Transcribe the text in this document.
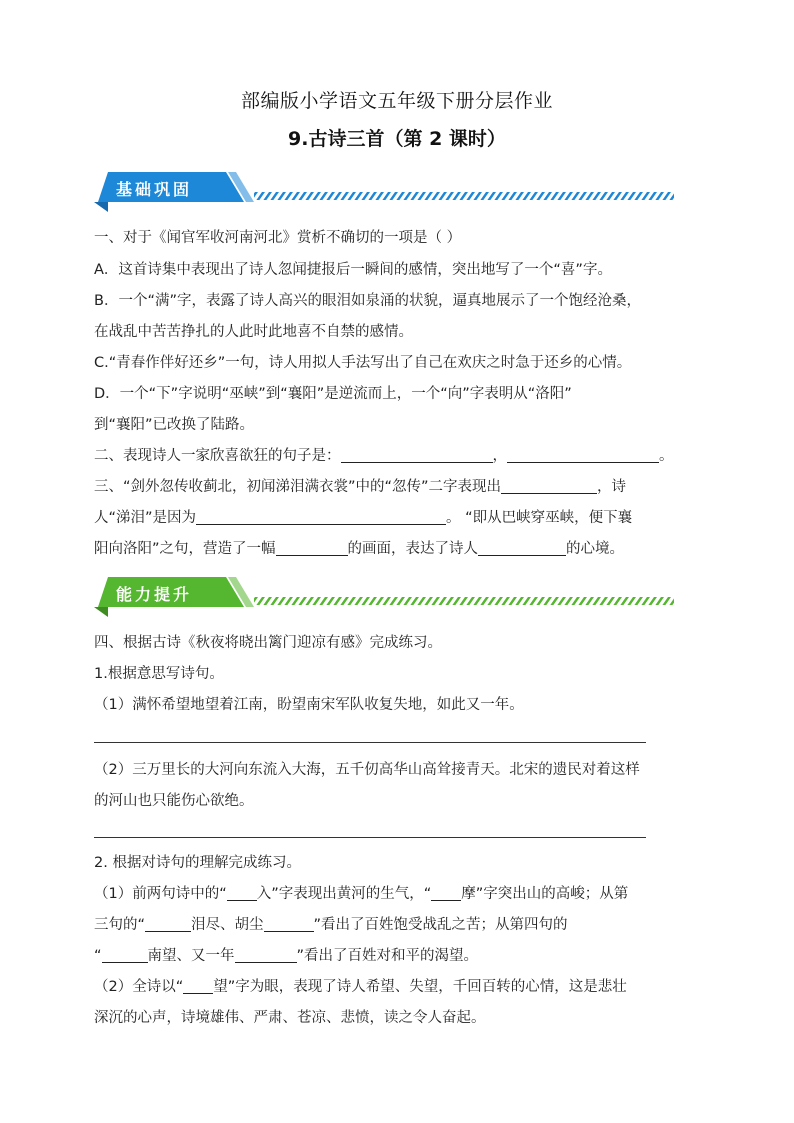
部编版小学语文五年级下册分层作业
9.古诗三首（第 2 课时）
基础巩固
一、对于《闻官军收河南河北》赏析不确切的一项是（ ）
A．这首诗集中表现出了诗人忽闻捷报后一瞬间的感情，突出地写了一个“喜”字。
B．一个“满”字，表露了诗人高兴的眼泪如泉涌的状貌，逼真地展示了一个饱经沧桑，
在战乱中苦苦挣扎的人此时此地喜不自禁的感情。
C.“青春作伴好还乡”一句，诗人用拟人手法写出了自己在欢庆之时急于还乡的心情。
D．一个“下”字说明“巫峡”到“襄阳”是逆流而上，一个“向”字表明从“洛阳”
到“襄阳”已改换了陆路。
二、表现诗人一家欣喜欲狂的句子是：	，	。
三、“剑外忽传收蓟北，初闻涕泪满衣裳”中的“忽传”二字表现出	，诗
人“涕泪”是因为	。 “即从巴峡穿巫峡，便下襄
阳向洛阳”之句，营造了一幅	的画面，表达了诗人	的心境。
能力提升
四、根据古诗《秋夜将晓出篱门迎凉有感》完成练习。
1.根据意思写诗句。
（1）满怀希望地望着江南，盼望南宋军队收复失地，如此又一年。
（2）三万里长的大河向东流入大海，五千仞高华山高耸接青天。北宋的遗民对着这样
的河山也只能伤心欲绝。
2. 根据对诗句的理解完成练习。
（1）前两句诗中的“ 入”字表现出黄河的生气，“ 摩”字突出山的高峻；从第
三句的“	泪尽、胡尘	”看出了百姓饱受战乱之苦；从第四句的
“	南望、又一年	”看出了百姓对和平的渴望。
（2）全诗以“ 望”字为眼，表现了诗人希望、失望，千回百转的心情，这是悲壮
深沉的心声，诗境雄伟、严肃、苍凉、悲愤，读之令人奋起。
